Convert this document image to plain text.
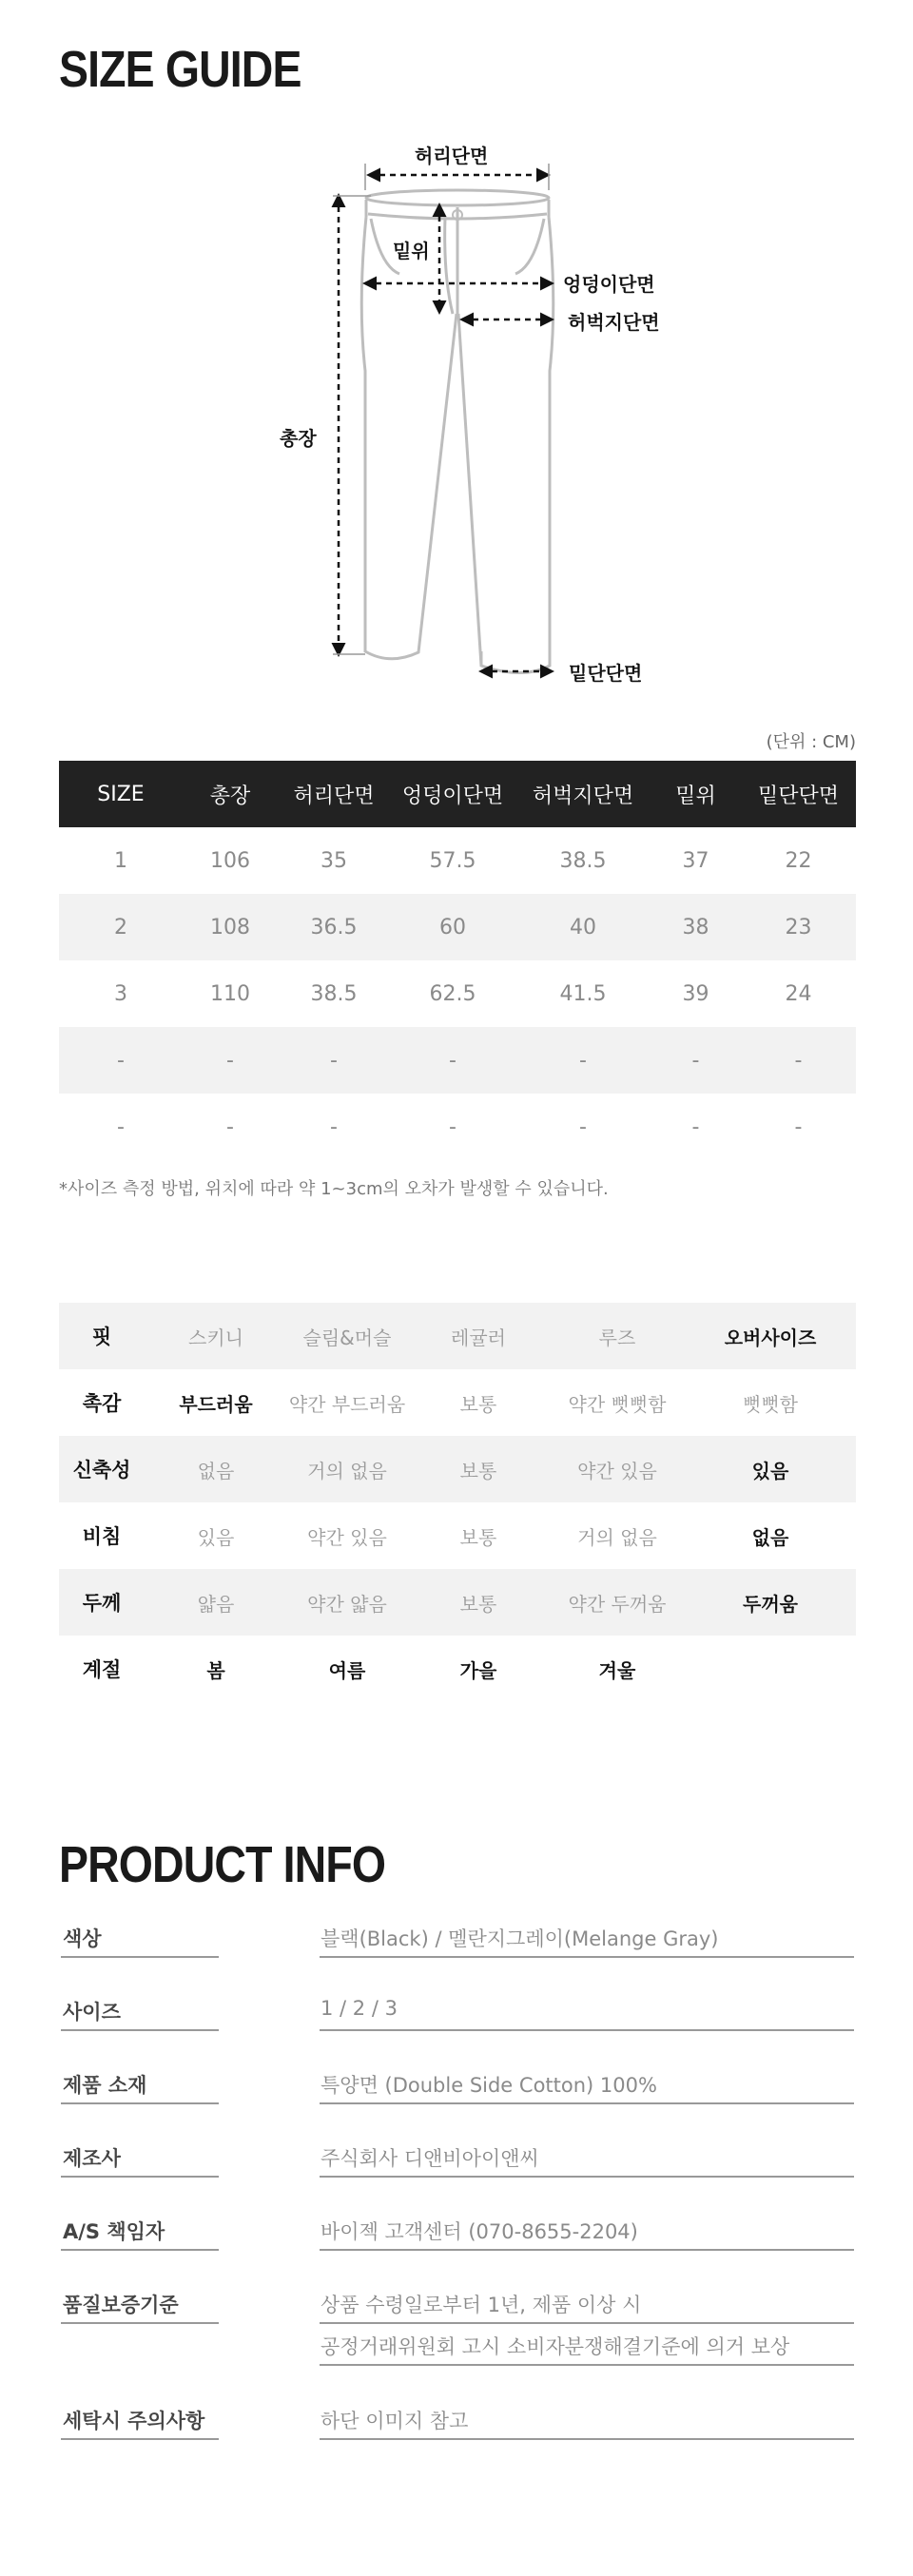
SIZE GUIDE
허리단면
밑위
엉덩이단면
허벅지단면
총장
밑단단면
(단위 : CM)
SIZE	총장	허리단면	엉덩이단면	허벅지단면	밑위	밑단단면
1	106	35	57.5	38.5	37	22
2	108	36.5	60	40	38	23
3	110	38.5	62.5	41.5	39	24
-	-	-	-	-	-	-
-	-	-	-	-	-	-
*사이즈 측정 방법, 위치에 따라 약 1~3cm의 오차가 발생할 수 있습니다.
핏	스키니	슬림&머슬	레귤러	루즈	오버사이즈
촉감	부드러움	약간 부드러움	보통	약간 뻣뻣함	뻣뻣함
신축성	없음	거의 없음	보통	약간 있음	있음
비침	있음	약간 있음	보통	거의 없음	없음
두께	얇음	약간 얇음	보통	약간 두꺼움	두꺼움
계절	봄	여름	가을	겨울	
PRODUCT INFO
색상	블랙(Black) / 멜란지그레이(Melange Gray)
사이즈	1 / 2 / 3
제품 소재	특양면 (Double Side Cotton) 100%
제조사	주식회사 디앤비아이앤씨
A/S 책임자	바이젝 고객센터 (070-8655-2204)
품질보증기준	상품 수령일로부터 1년, 제품 이상 시
공정거래위원회 고시 소비자분쟁해결기준에 의거 보상
세탁시 주의사항	하단 이미지 참고
